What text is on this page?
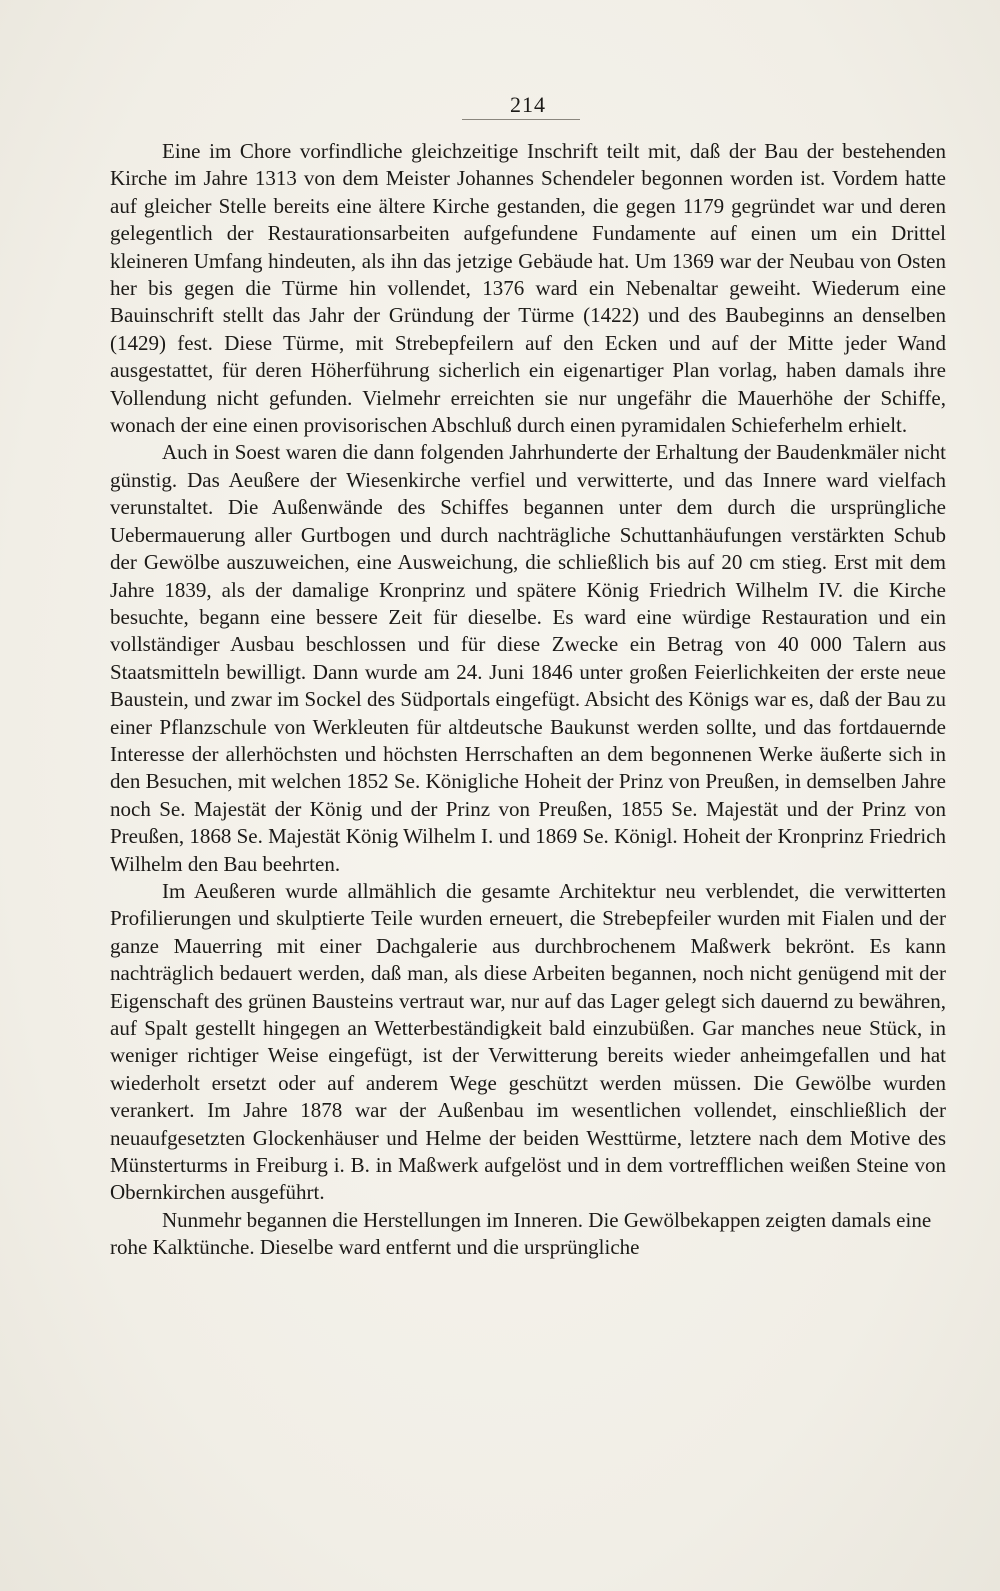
214

Eine im Chore vorfindliche gleichzeitige Inschrift teilt mit, daß der Bau der bestehenden Kirche im Jahre 1313 von dem Meister Johannes Schendeler begonnen worden ist. Vordem hatte auf gleicher Stelle bereits eine ältere Kirche gestanden, die gegen 1179 gegründet war und deren gelegentlich der Restaurationsarbeiten aufgefundene Fundamente auf einen um ein Drittel kleineren Umfang hindeuten, als ihn das jetzige Gebäude hat. Um 1369 war der Neubau von Osten her bis gegen die Türme hin vollendet, 1376 ward ein Nebenaltar geweiht. Wiederum eine Bauinschrift stellt das Jahr der Gründung der Türme (1422) und des Baubeginns an denselben (1429) fest. Diese Türme, mit Strebepfeilern auf den Ecken und auf der Mitte jeder Wand ausgestattet, für deren Höherführung sicherlich ein eigenartiger Plan vorlag, haben damals ihre Vollendung nicht gefunden. Vielmehr erreichten sie nur ungefähr die Mauerhöhe der Schiffe, wonach der eine einen provisorischen Abschluß durch einen pyramidalen Schieferhelm erhielt.

Auch in Soest waren die dann folgenden Jahrhunderte der Erhaltung der Baudenkmäler nicht günstig. Das Aeußere der Wiesenkirche verfiel und verwitterte, und das Innere ward vielfach verunstaltet. Die Außenwände des Schiffes begannen unter dem durch die ursprüngliche Uebermauerung aller Gurtbogen und durch nachträgliche Schuttanhäufungen verstärkten Schub der Gewölbe auszuweichen, eine Ausweichung, die schließlich bis auf 20 cm stieg. Erst mit dem Jahre 1839, als der damalige Kronprinz und spätere König Friedrich Wilhelm IV. die Kirche besuchte, begann eine bessere Zeit für dieselbe. Es ward eine würdige Restauration und ein vollständiger Ausbau beschlossen und für diese Zwecke ein Betrag von 40 000 Talern aus Staatsmitteln bewilligt. Dann wurde am 24. Juni 1846 unter großen Feierlichkeiten der erste neue Baustein, und zwar im Sockel des Südportals eingefügt. Absicht des Königs war es, daß der Bau zu einer Pflanzschule von Werkleuten für altdeutsche Baukunst werden sollte, und das fortdauernde Interesse der allerhöchsten und höchsten Herrschaften an dem begonnenen Werke äußerte sich in den Besuchen, mit welchen 1852 Se. Königliche Hoheit der Prinz von Preußen, in demselben Jahre noch Se. Majestät der König und der Prinz von Preußen, 1855 Se. Majestät und der Prinz von Preußen, 1868 Se. Majestät König Wilhelm I. und 1869 Se. Königl. Hoheit der Kronprinz Friedrich Wilhelm den Bau beehrten.

Im Aeußeren wurde allmählich die gesamte Architektur neu verblendet, die verwitterten Profilierungen und skulptierte Teile wurden erneuert, die Strebepfeiler wurden mit Fialen und der ganze Mauerring mit einer Dachgalerie aus durchbrochenem Maßwerk bekrönt. Es kann nachträglich bedauert werden, daß man, als diese Arbeiten begannen, noch nicht genügend mit der Eigenschaft des grünen Bausteins vertraut war, nur auf das Lager gelegt sich dauernd zu bewähren, auf Spalt gestellt hingegen an Wetterbeständigkeit bald einzubüßen. Gar manches neue Stück, in weniger richtiger Weise eingefügt, ist der Verwitterung bereits wieder anheimgefallen und hat wiederholt ersetzt oder auf anderem Wege geschützt werden müssen. Die Gewölbe wurden verankert. Im Jahre 1878 war der Außenbau im wesentlichen vollendet, einschließlich der neuaufgesetzten Glockenhäuser und Helme der beiden Westtürme, letztere nach dem Motive des Münsterturms in Freiburg i. B. in Maßwerk aufgelöst und in dem vortrefflichen weißen Steine von Obernkirchen ausgeführt.

Nunmehr begannen die Herstellungen im Inneren. Die Gewölbekappen zeigten damals eine rohe Kalktünche. Dieselbe ward entfernt und die ursprüngliche
